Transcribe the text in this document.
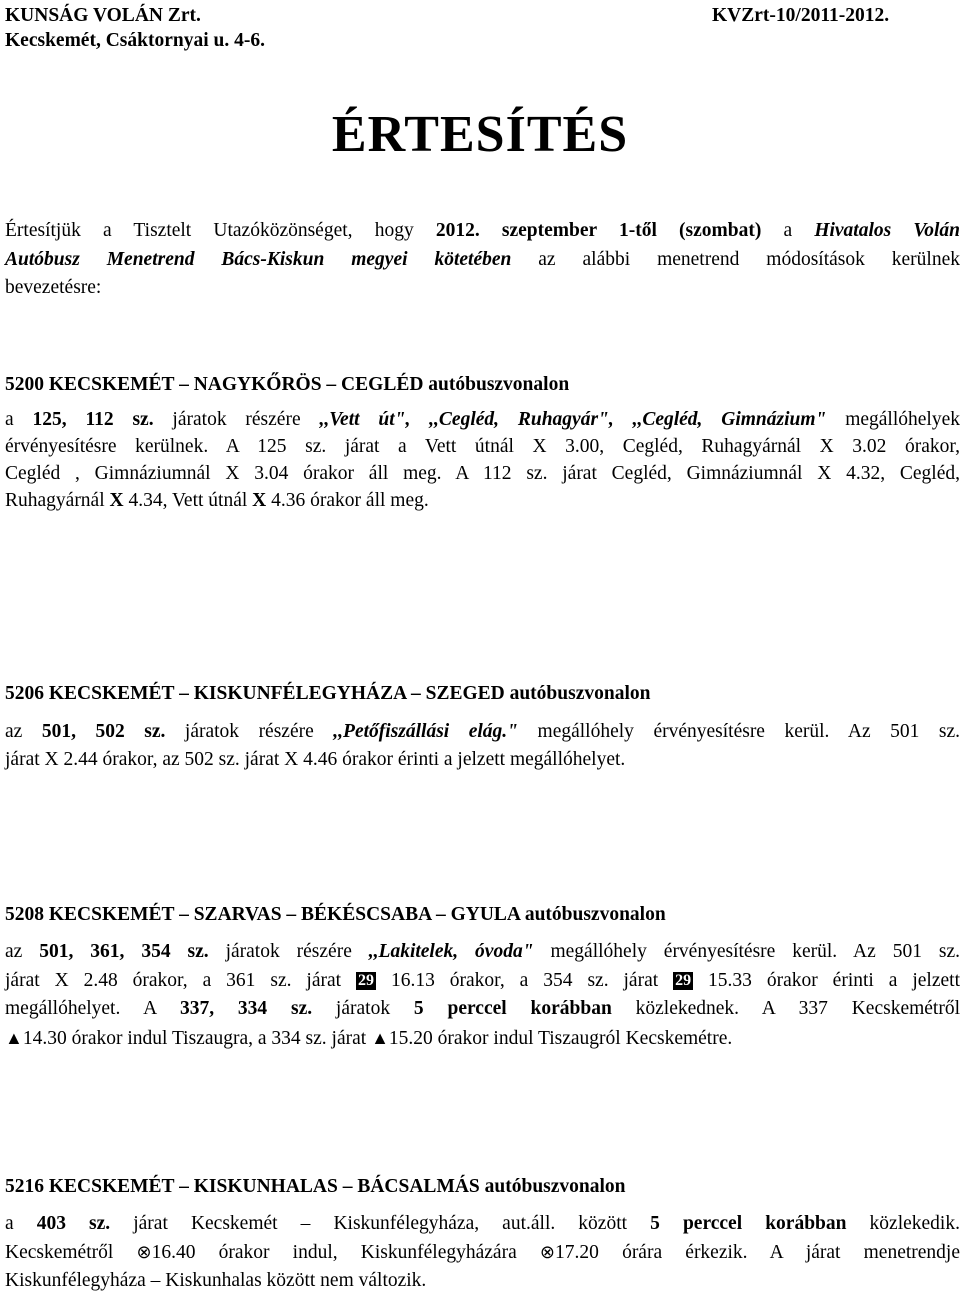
KUNSÁG VOLÁN Zrt.
Kecskemét, Csáktornyai u. 4-6.
KVZrt-10/2011-2012.
ÉRTESÍTÉS
Értesítjük a Tisztelt Utazóközönséget, hogy 2012. szeptember 1-től (szombat) a Hivatalos Volán
Autóbusz Menetrend Bács-Kiskun megyei kötetében az alábbi menetrend módosítások kerülnek
bevezetésre:
5200 KECSKEMÉT – NAGYKŐRÖS – CEGLÉD autóbuszvonalon
a 125, 112 sz. járatok részére ,,Vett út", ,,Cegléd, Ruhagyár", ,,Cegléd, Gimnázium" megállóhelyek
érvényesítésre kerülnek. A 125 sz. járat a Vett útnál X 3.00, Cegléd, Ruhagyárnál X 3.02 órakor,
Cegléd , Gimnáziumnál X 3.04 órakor áll meg. A 112 sz. járat Cegléd, Gimnáziumnál X 4.32, Cegléd,
Ruhagyárnál X 4.34, Vett útnál X 4.36 órakor áll meg.
5206 KECSKEMÉT – KISKUNFÉLEGYHÁZA – SZEGED autóbuszvonalon
az 501, 502 sz. járatok részére ,,Petőfiszállási elág." megállóhely érvényesítésre kerül. Az 501 sz.
járat X 2.44 órakor, az 502 sz. járat X 4.46 órakor érinti a jelzett megállóhelyet.
5208 KECSKEMÉT – SZARVAS – BÉKÉSCSABA – GYULA autóbuszvonalon
az 501, 361, 354 sz. járatok részére ,,Lakitelek, óvoda" megállóhely érvényesítésre kerül. Az 501 sz.
járat X 2.48 órakor, a 361 sz. járat 29 16.13 órakor, a 354 sz. járat 29 15.33 órakor érinti a jelzett
megállóhelyet. A 337, 334 sz. járatok 5 perccel korábban közlekednek. A 337 Kecskemétről
▲14.30 órakor indul Tiszaugra, a 334 sz. járat ▲15.20 órakor indul Tiszaugról Kecskemétre.
5216 KECSKEMÉT – KISKUNHALAS – BÁCSALMÁS autóbuszvonalon
a 403 sz. járat Kecskemét – Kiskunfélegyháza, aut.áll. között 5 perccel korábban közlekedik.
Kecskemétről ⊗16.40 órakor indul, Kiskunfélegyházára ⊗17.20 órára érkezik. A járat menetrendje
Kiskunfélegyháza – Kiskunhalas között nem változik.
